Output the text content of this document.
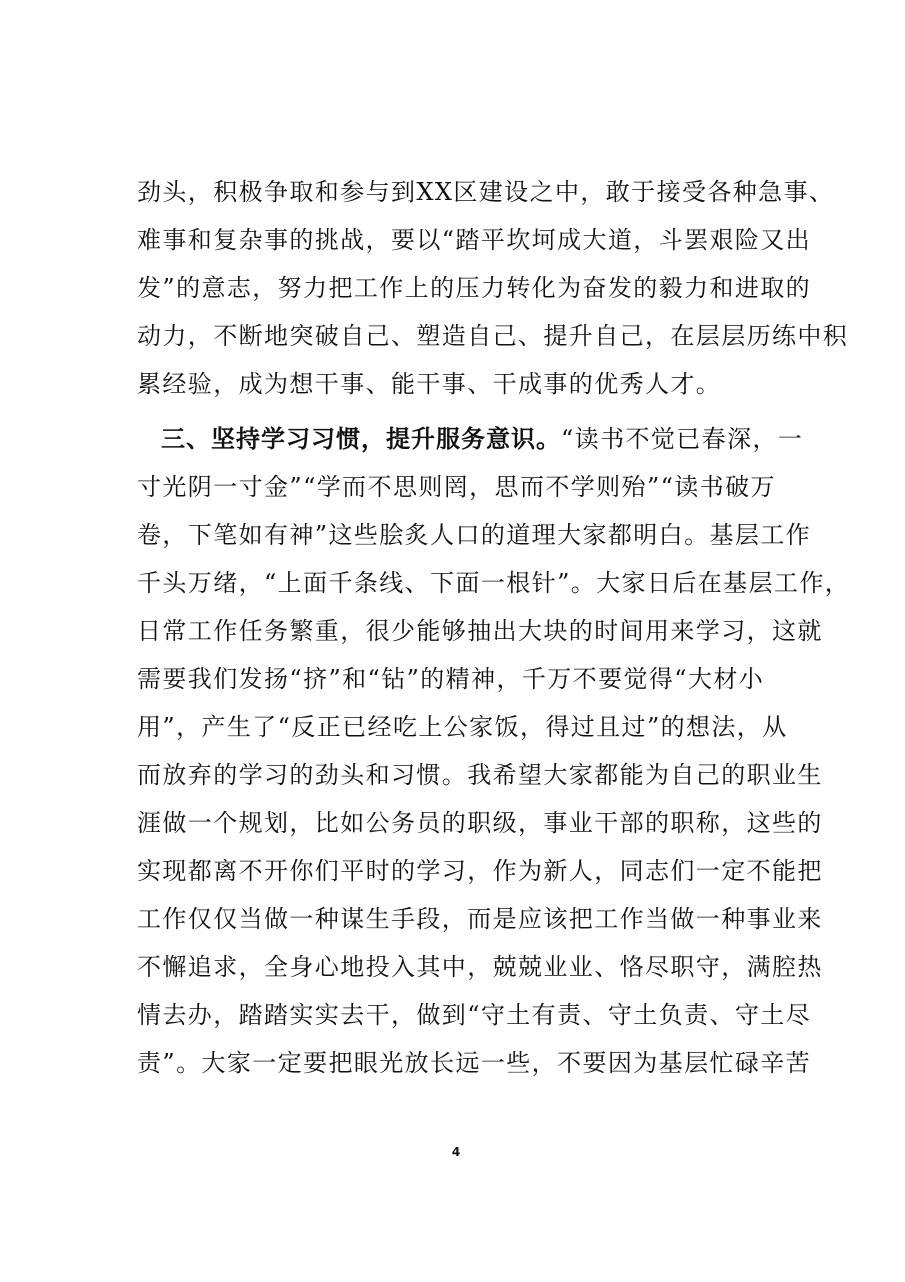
劲头，积极争取和参与到XX区建设之中，敢于接受各种急事、
难事和复杂事的挑战，要以“踏平坎坷成大道，斗罢艰险又出
发”的意志，努力把工作上的压力转化为奋发的毅力和进取的
动力，不断地突破自己、塑造自己、提升自己，在层层历练中积
累经验，成为想干事、能干事、干成事的优秀人才。
三、坚持学习习惯，提升服务意识。“读书不觉已春深，一
寸光阴一寸金”“学而不思则罔，思而不学则殆”“读书破万
卷，下笔如有神”这些脍炙人口的道理大家都明白。基层工作
千头万绪，“上面千条线、下面一根针”。大家日后在基层工作，
日常工作任务繁重，很少能够抽出大块的时间用来学习，这就
需要我们发扬“挤”和“钻”的精神，千万不要觉得“大材小
用”，产生了“反正已经吃上公家饭，得过且过”的想法，从
而放弃的学习的劲头和习惯。我希望大家都能为自己的职业生
涯做一个规划，比如公务员的职级，事业干部的职称，这些的
实现都离不开你们平时的学习，作为新人，同志们一定不能把
工作仅仅当做一种谋生手段，而是应该把工作当做一种事业来
不懈追求，全身心地投入其中，兢兢业业、恪尽职守，满腔热
情去办，踏踏实实去干，做到“守土有责、守土负责、守土尽
责”。大家一定要把眼光放长远一些，不要因为基层忙碌辛苦
4
